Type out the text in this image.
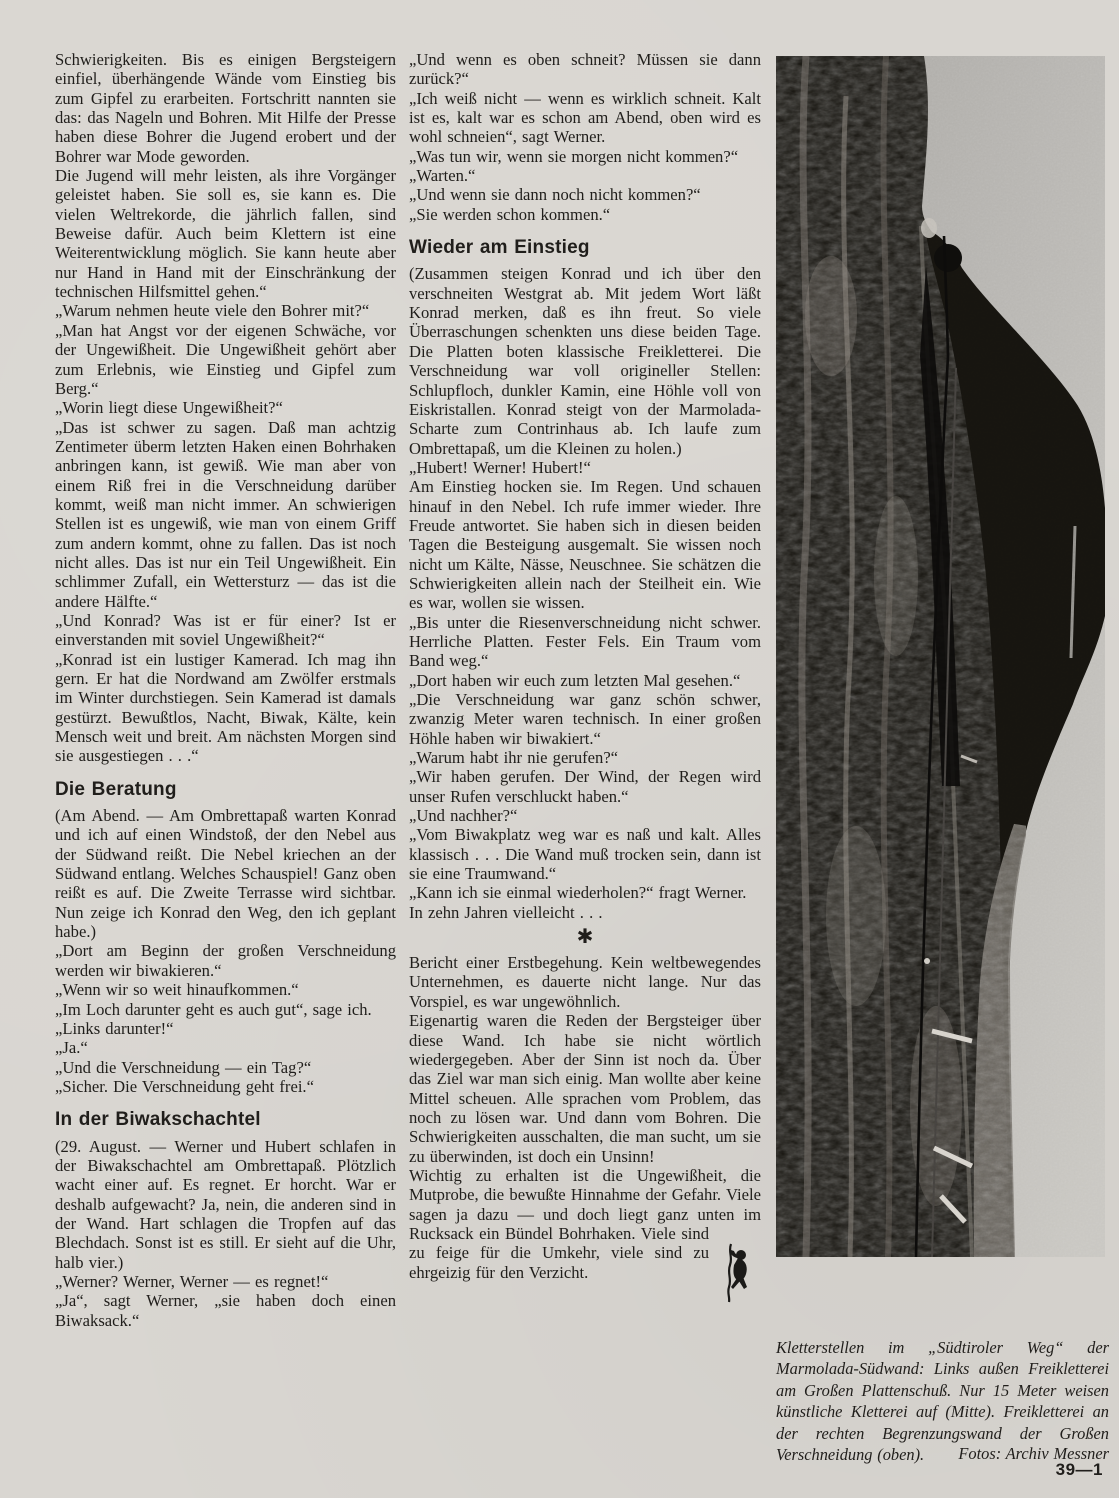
Schwierigkeiten. Bis es einigen Bergsteigern einfiel, überhängende Wände vom Einstieg bis zum Gipfel zu erarbeiten. Fortschritt nannten sie das: das Nageln und Bohren. Mit Hilfe der Presse haben diese Bohrer die Jugend erobert und der Bohrer war Mode geworden.

Die Jugend will mehr leisten, als ihre Vorgänger geleistet haben. Sie soll es, sie kann es. Die vielen Weltrekorde, die jährlich fallen, sind Beweise dafür. Auch beim Klettern ist eine Weiterentwicklung möglich. Sie kann heute aber nur Hand in Hand mit der Einschränkung der technischen Hilfsmittel gehen.“

„Warum nehmen heute viele den Bohrer mit?“

„Man hat Angst vor der eigenen Schwäche, vor der Ungewißheit. Die Ungewißheit gehört aber zum Erlebnis, wie Einstieg und Gipfel zum Berg.“

„Worin liegt diese Ungewißheit?“

„Das ist schwer zu sagen. Daß man achtzig Zentimeter überm letzten Haken einen Bohrhaken anbringen kann, ist gewiß. Wie man aber von einem Riß frei in die Verschneidung darüber kommt, weiß man nicht immer. An schwierigen Stellen ist es ungewiß, wie man von einem Griff zum andern kommt, ohne zu fallen. Das ist noch nicht alles. Das ist nur ein Teil Ungewißheit. Ein schlimmer Zufall, ein Wettersturz — das ist die andere Hälfte.“

„Und Konrad? Was ist er für einer? Ist er einverstanden mit soviel Ungewißheit?“

„Konrad ist ein lustiger Kamerad. Ich mag ihn gern. Er hat die Nordwand am Zwölfer erstmals im Winter durchstiegen. Sein Kamerad ist damals gestürzt. Bewußtlos, Nacht, Biwak, Kälte, kein Mensch weit und breit. Am nächsten Morgen sind sie ausgestiegen . . .“

Die Beratung

(Am Abend. — Am Ombrettapaß warten Konrad und ich auf einen Windstoß, der den Nebel aus der Südwand reißt. Die Nebel kriechen an der Südwand entlang. Welches Schauspiel! Ganz oben reißt es auf. Die Zweite Terrasse wird sichtbar. Nun zeige ich Konrad den Weg, den ich geplant habe.)

„Dort am Beginn der großen Verschneidung werden wir biwakieren.“

„Wenn wir so weit hinaufkommen.“

„Im Loch darunter geht es auch gut“, sage ich.

„Links darunter!“

„Ja.“

„Und die Verschneidung — ein Tag?“

„Sicher. Die Verschneidung geht frei.“

In der Biwakschachtel

(29. August. — Werner und Hubert schlafen in der Biwakschachtel am Ombrettapaß. Plötzlich wacht einer auf. Es regnet. Er horcht. War er deshalb aufgewacht? Ja, nein, die anderen sind in der Wand. Hart schlagen die Tropfen auf das Blechdach. Sonst ist es still. Er sieht auf die Uhr, halb vier.)

„Werner? Werner, Werner — es regnet!“

„Ja“, sagt Werner, „sie haben doch einen Biwaksack.“

„Und wenn es oben schneit? Müssen sie dann zurück?“

„Ich weiß nicht — wenn es wirklich schneit. Kalt ist es, kalt war es schon am Abend, oben wird es wohl schneien“, sagt Werner.

„Was tun wir, wenn sie morgen nicht kommen?“

„Warten.“

„Und wenn sie dann noch nicht kommen?“

„Sie werden schon kommen.“

Wieder am Einstieg

(Zusammen steigen Konrad und ich über den verschneiten Westgrat ab. Mit jedem Wort läßt Konrad merken, daß es ihn freut. So viele Überraschungen schenkten uns diese beiden Tage. Die Platten boten klassische Freikletterei. Die Verschneidung war voll origineller Stellen: Schlupfloch, dunkler Kamin, eine Höhle voll von Eiskristallen. Konrad steigt von der Marmolada-Scharte zum Contrinhaus ab. Ich laufe zum Ombrettapaß, um die Kleinen zu holen.)

„Hubert! Werner! Hubert!“

Am Einstieg hocken sie. Im Regen. Und schauen hinauf in den Nebel. Ich rufe immer wieder. Ihre Freude antwortet. Sie haben sich in diesen beiden Tagen die Besteigung ausgemalt. Sie wissen noch nicht um Kälte, Nässe, Neuschnee. Sie schätzen die Schwierigkeiten allein nach der Steilheit ein. Wie es war, wollen sie wissen.

„Bis unter die Riesenverschneidung nicht schwer. Herrliche Platten. Fester Fels. Ein Traum vom Band weg.“

„Dort haben wir euch zum letzten Mal gesehen.“

„Die Verschneidung war ganz schön schwer, zwanzig Meter waren technisch. In einer großen Höhle haben wir biwakiert.“

„Warum habt ihr nie gerufen?“

„Wir haben gerufen. Der Wind, der Regen wird unser Rufen verschluckt haben.“

„Und nachher?“

„Vom Biwakplatz weg war es naß und kalt. Alles klassisch . . . Die Wand muß trocken sein, dann ist sie eine Traumwand.“

„Kann ich sie einmal wiederholen?“ fragt Werner.

In zehn Jahren vielleicht . . .

✱

Bericht einer Erstbegehung. Kein weltbewegendes Unternehmen, es dauerte nicht lange. Nur das Vorspiel, es war ungewöhnlich.

Eigenartig waren die Reden der Bergsteiger über diese Wand. Ich habe sie nicht wörtlich wiedergegeben. Aber der Sinn ist noch da. Über das Ziel war man sich einig. Man wollte aber keine Mittel scheuen. Alle sprachen vom Problem, das noch zu lösen war. Und dann vom Bohren. Die Schwierigkeiten ausschalten, die man sucht, um sie zu überwinden, ist doch ein Unsinn!

Wichtig zu erhalten ist die Ungewißheit, die Mutprobe, die bewußte Hinnahme der Gefahr. Viele sagen ja dazu — und doch liegt ganz unten im Rucksack ein Bündel Bohrhaken. Viele sind zu feige für die Umkehr, viele sind zu ehrgeizig für den Verzicht.

Kletterstellen im „Südtiroler Weg“ der Marmolada-Südwand: Links außen Freikletterei am Großen Plattenschuß. Nur 15 Meter weisen künstliche Kletterei auf (Mitte). Freikletterei an der rechten Begrenzungswand der Großen Verschneidung (oben). Fotos: Archiv Messner
39—1
